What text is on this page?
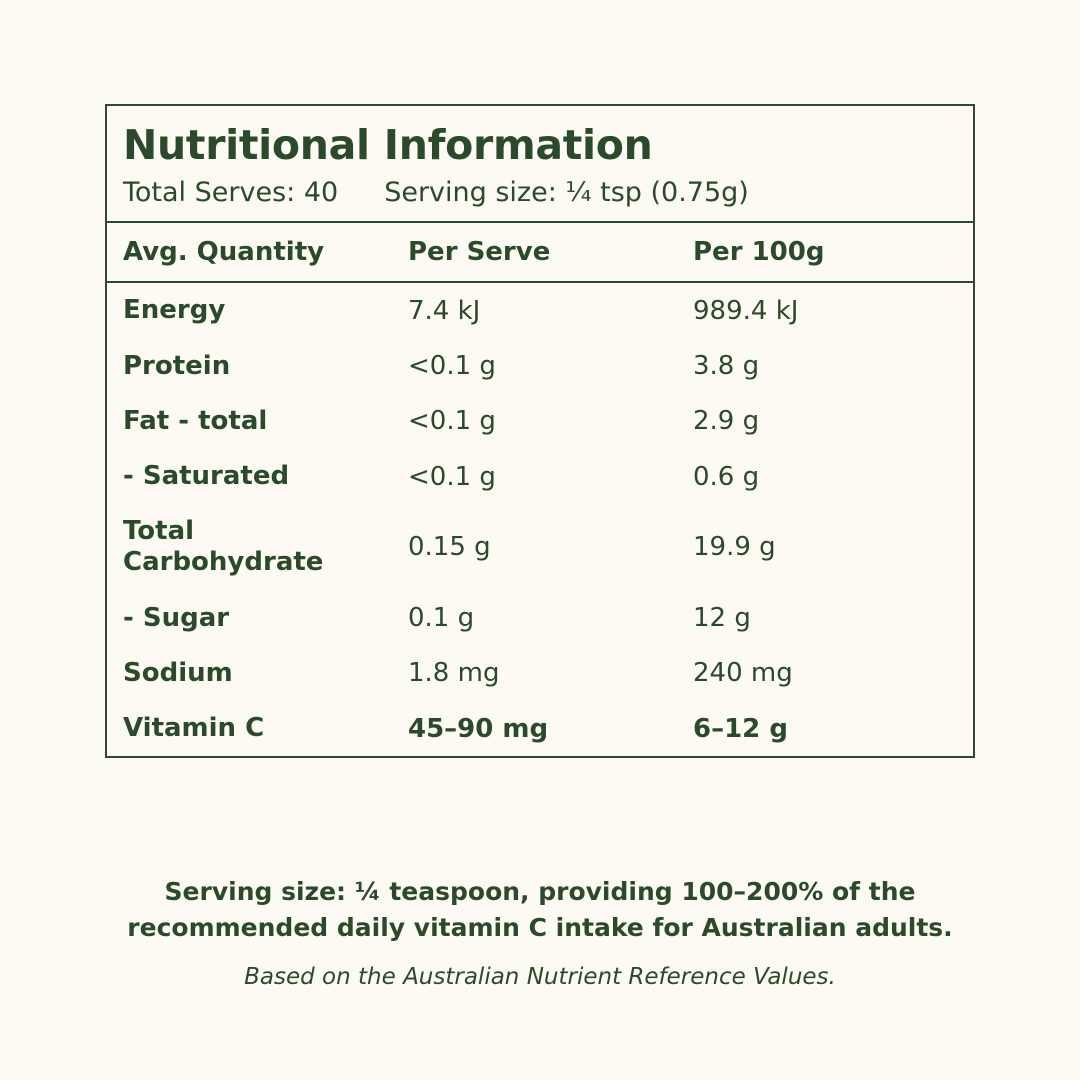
Nutritional Information
Total Serves: 40 Serving size: ¼ tsp (0.75g)
Avg. Quantity	Per Serve	Per 100g
Energy	7.4 kJ	989.4 kJ
Protein	<0.1 g	3.8 g
Fat - total	<0.1 g	2.9 g
- Saturated	<0.1 g	0.6 g
Total Carbohydrate	0.15 g	19.9 g
- Sugar	0.1 g	12 g
Sodium	1.8 mg	240 mg
Vitamin C	45–90 mg	6–12 g
Serving size: ¼ teaspoon, providing 100–200% of the recommended daily vitamin C intake for Australian adults.
Based on the Australian Nutrient Reference Values.
